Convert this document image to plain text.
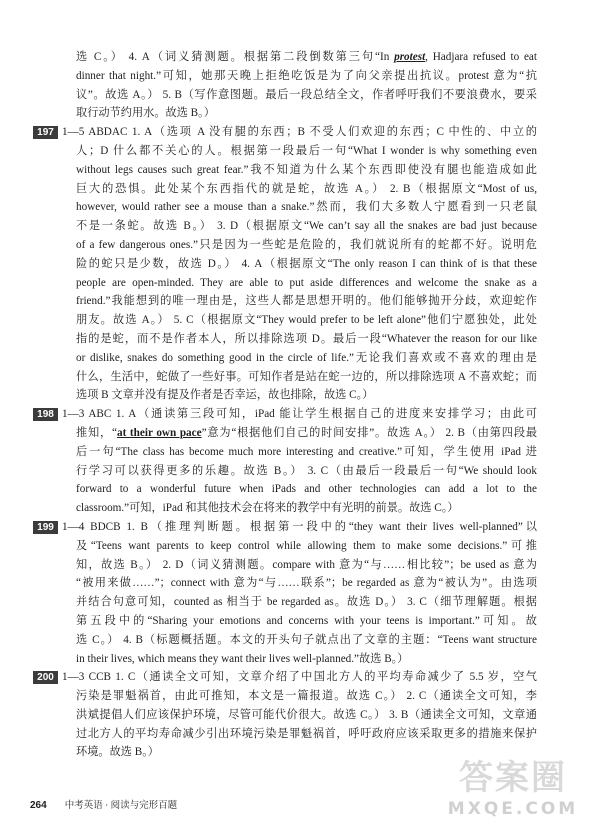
选 C。） 4. A（词义猜测题。根据第二段倒数第三句“In protest, Hadjara refused to eat
dinner that night.”可知，她那天晚上拒绝吃饭是为了向父亲提出抗议。protest 意为“抗
议”。故选 A。） 5. B（写作意图题。最后一段总结全文，作者呼吁我们不要浪费水，要采
取行动节约用水。故选 B。）
197 1—5 ABDAC 1. A（选项 A 没有腿的东西；B 不受人们欢迎的东西；C 中性的、中立的
人；D 什么都不关心的人。根据第一段最后一句“What I wonder is why something even
without legs causes such great fear.”我不知道为什么某个东西即使没有腿也能造成如此
巨大的恐惧。此处某个东西指代的就是蛇，故选 A。） 2. B（根据原文“Most of us,
however, would rather see a mouse than a snake.”然而，我们大多数人宁愿看到一只老鼠
不是一条蛇。故选 B。） 3. D（根据原文“We can’t say all the snakes are bad just because
of a few dangerous ones.”只是因为一些蛇是危险的，我们就说所有的蛇都不好。说明危
险的蛇只是少数，故选 D。） 4. A（根据原文“The only reason I can think of is that these
people are open-minded. They are able to put aside differences and welcome the snake as a
friend.”我能想到的唯一理由是，这些人都是思想开明的。他们能够抛开分歧，欢迎蛇作
朋友。故选 A。） 5. C（根据原文“They would prefer to be left alone”他们宁愿独处，此处
指的是蛇，而不是作者本人，所以排除选项 D。最后一段“Whatever the reason for our like
or dislike, snakes do something good in the circle of life.”无论我们喜欢或不喜欢的理由是
什么，生活中，蛇做了一些好事。可知作者是站在蛇一边的，所以排除选项 A 不喜欢蛇；而
选项 B 文章并没有提及作者是否幸运，故也排除，故选 C。）
198 1—3 ABC 1. A（通读第三段可知，iPad 能让学生根据自己的进度来安排学习；由此可
推知，“at their own pace”意为“根据他们自己的时间安排”。故选 A。） 2. B（由第四段最
后一句“The class has become much more interesting and creative.”可知，学生使用 iPad 进
行学习可以获得更多的乐趣。故选 B。） 3. C（由最后一段最后一句“We should look
forward to a wonderful future when iPads and other technologies can add a lot to the
classroom.”可知，iPad 和其他技术会在将来的教学中有光明的前景。故选 C。）
199 1—4 BDCB 1. B（推理判断题。根据第一段中的“they want their lives well-planned”以
及“Teens want parents to keep control while allowing them to make some decisions.”可推
知，故选 B。） 2. D（词义猜测题。compare with 意为“与……相比较”；be used as 意为
“被用来做……”；connect with 意为“与……联系”；be regarded as 意为“被认为”。由选项
并结合句意可知，counted as 相当于 be regarded as。故选 D。） 3. C（细节理解题。根据
第五段中的“Sharing your emotions and concerns with your teens is important.”可知。故
选 C。） 4. B（标题概括题。本文的开头句子就点出了文章的主题：“Teens want structure
in their lives, which means they want their lives well-planned.”故选 B。）
200 1—3 CCB 1. C（通读全文可知，文章介绍了中国北方人的平均寿命减少了 5.5 岁，空气
污染是罪魁祸首，由此可推知，本文是一篇报道。故选 C。） 2. C（通读全文可知，李
洪斌提倡人们应该保护环境，尽管可能代价很大。故选 C。） 3. B（通读全文可知，文章通
过北方人的平均寿命减少引出环境污染是罪魁祸首，呼吁政府应该采取更多的措施来保护
环境。故选 B。）
264 中考英语 · 阅读与完形百题
答案圈
MXQE.COM
